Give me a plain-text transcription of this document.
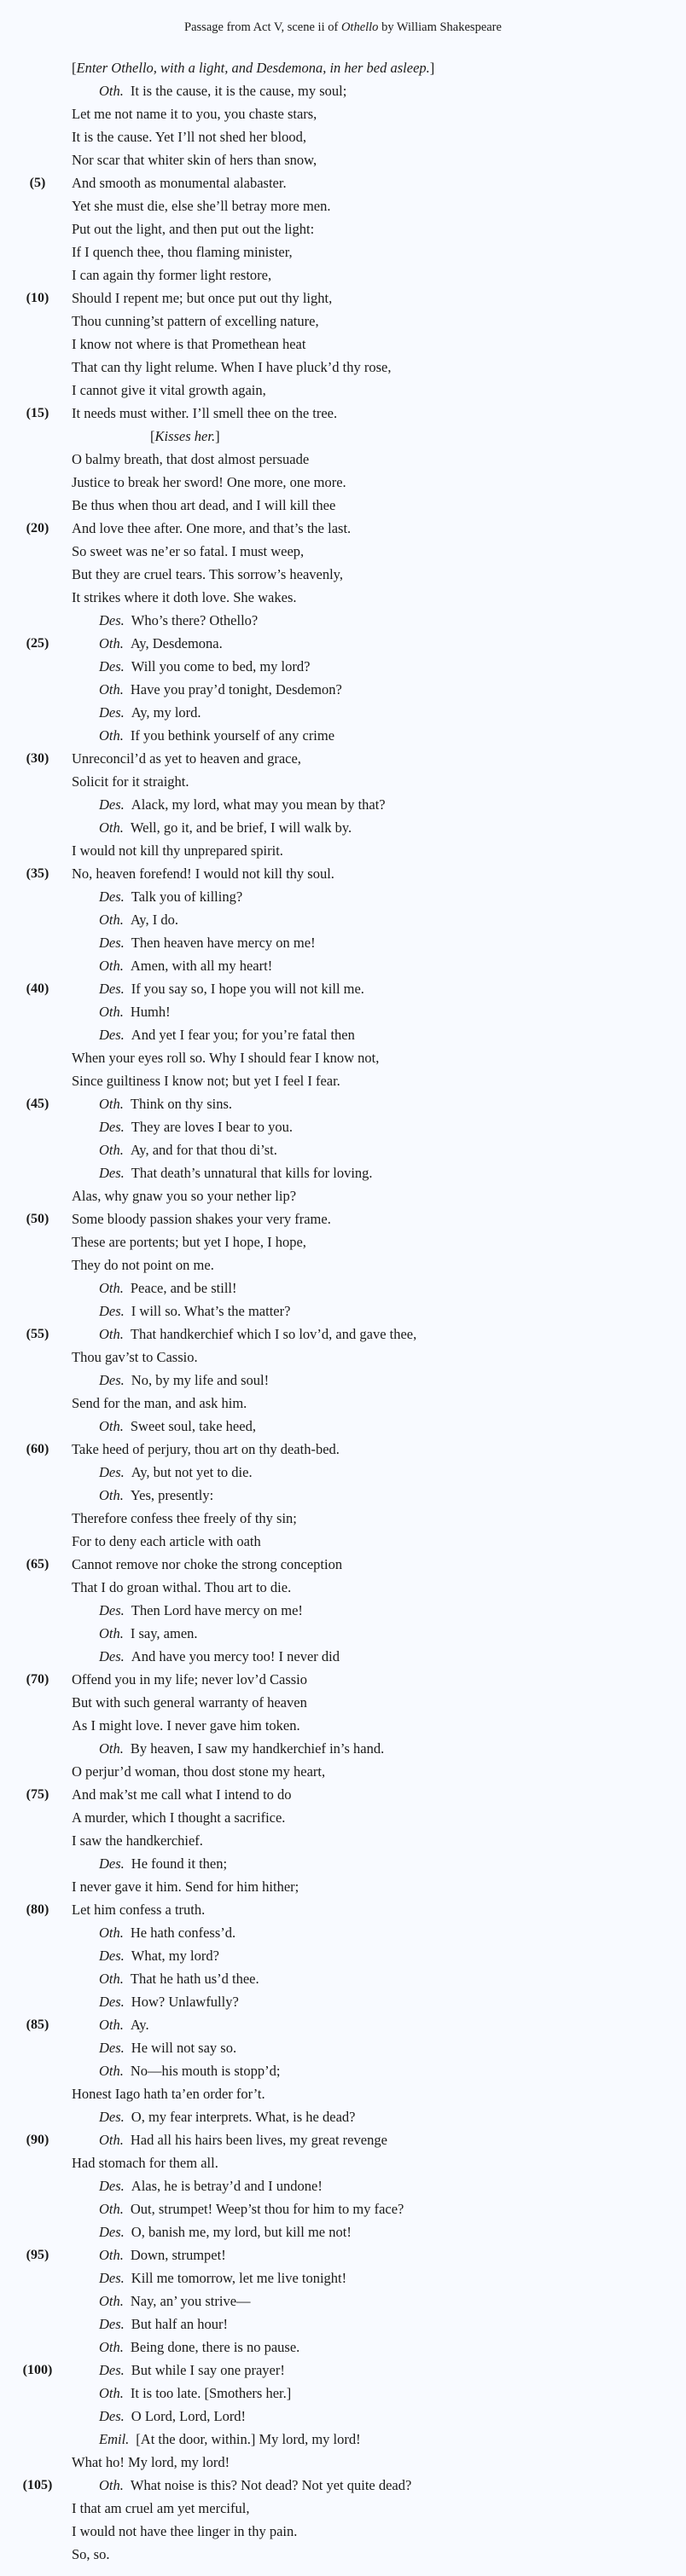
Passage from Act V, scene ii of Othello by William Shakespeare
[Enter Othello, with a light, and Desdemona, in her bed asleep.]
Oth. It is the cause, it is the cause, my soul;
Let me not name it to you, you chaste stars,
It is the cause. Yet I’ll not shed her blood,
Nor scar that whiter skin of hers than snow,
(5)	And smooth as monumental alabaster.
Yet she must die, else she’ll betray more men.
Put out the light, and then put out the light:
If I quench thee, thou flaming minister,
I can again thy former light restore,
(10)	Should I repent me; but once put out thy light,
Thou cunning’st pattern of excelling nature,
I know not where is that Promethean heat
That can thy light relume. When I have pluck’d thy rose,
I cannot give it vital growth again,
(15)	It needs must wither. I’ll smell thee on the tree.
[Kisses her.]
O balmy breath, that dost almost persuade
Justice to break her sword! One more, one more.
Be thus when thou art dead, and I will kill thee
(20)	And love thee after. One more, and that’s the last.
So sweet was ne’er so fatal. I must weep,
But they are cruel tears. This sorrow’s heavenly,
It strikes where it doth love. She wakes.
Des. Who’s there? Othello?
(25)	Oth. Ay, Desdemona.
Des. Will you come to bed, my lord?
Oth. Have you pray’d tonight, Desdemon?
Des. Ay, my lord.
Oth. If you bethink yourself of any crime
(30)	Unreconcil’d as yet to heaven and grace,
Solicit for it straight.
Des. Alack, my lord, what may you mean by that?
Oth. Well, go it, and be brief, I will walk by.
I would not kill thy unprepared spirit.
(35)	No, heaven forefend! I would not kill thy soul.
Des. Talk you of killing?
Oth. Ay, I do.
Des. Then heaven have mercy on me!
Oth. Amen, with all my heart!
(40)	Des. If you say so, I hope you will not kill me.
Oth. Humh!
Des. And yet I fear you; for you’re fatal then
When your eyes roll so. Why I should fear I know not,
Since guiltiness I know not; but yet I feel I fear.
(45)	Oth. Think on thy sins.
Des. They are loves I bear to you.
Oth. Ay, and for that thou di’st.
Des. That death’s unnatural that kills for loving.
Alas, why gnaw you so your nether lip?
(50)	Some bloody passion shakes your very frame.
These are portents; but yet I hope, I hope,
They do not point on me.
Oth. Peace, and be still!
Des. I will so. What’s the matter?
(55)	Oth. That handkerchief which I so lov’d, and gave thee,
Thou gav’st to Cassio.
Des. No, by my life and soul!
Send for the man, and ask him.
Oth. Sweet soul, take heed,
(60)	Take heed of perjury, thou art on thy death-bed.
Des. Ay, but not yet to die.
Oth. Yes, presently:
Therefore confess thee freely of thy sin;
For to deny each article with oath
(65)	Cannot remove nor choke the strong conception
That I do groan withal. Thou art to die.
Des. Then Lord have mercy on me!
Oth. I say, amen.
Des. And have you mercy too! I never did
(70)	Offend you in my life; never lov’d Cassio
But with such general warranty of heaven
As I might love. I never gave him token.
Oth. By heaven, I saw my handkerchief in’s hand.
O perjur’d woman, thou dost stone my heart,
(75)	And mak’st me call what I intend to do
A murder, which I thought a sacrifice.
I saw the handkerchief.
Des. He found it then;
I never gave it him. Send for him hither;
(80)	Let him confess a truth.
Oth. He hath confess’d.
Des. What, my lord?
Oth. That he hath us’d thee.
Des. How? Unlawfully?
(85)	Oth. Ay.
Des. He will not say so.
Oth. No—his mouth is stopp’d;
Honest Iago hath ta’en order for’t.
Des. O, my fear interprets. What, is he dead?
(90)	Oth. Had all his hairs been lives, my great revenge
Had stomach for them all.
Des. Alas, he is betray’d and I undone!
Oth. Out, strumpet! Weep’st thou for him to my face?
Des. O, banish me, my lord, but kill me not!
(95)	Oth. Down, strumpet!
Des. Kill me tomorrow, let me live tonight!
Oth. Nay, an’ you strive—
Des. But half an hour!
Oth. Being done, there is no pause.
(100)	Des. But while I say one prayer!
Oth. It is too late. [Smothers her.]
Des. O Lord, Lord, Lord!
Emil. [At the door, within.] My lord, my lord!
What ho! My lord, my lord!
(105)	Oth. What noise is this? Not dead? Not yet quite dead?
I that am cruel am yet merciful,
I would not have thee linger in thy pain.
So, so.
